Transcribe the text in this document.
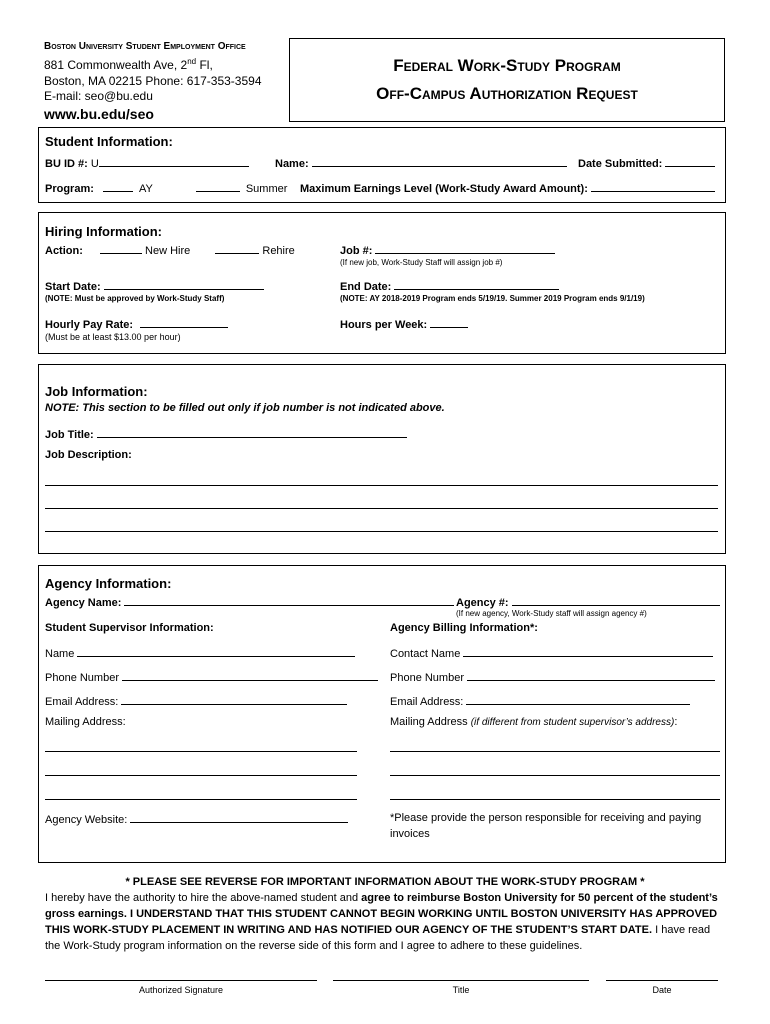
Boston University Student Employment Office
881 Commonwealth Ave, 2nd Fl,
Boston, MA 02215 Phone: 617-353-3594
E-mail: seo@bu.edu
www.bu.edu/seo
Federal Work-Study Program
Off-Campus Authorization Request
Student Information:
BU ID #: U	Name:	Date Submitted:
Program:	AY	Summer Maximum Earnings Level (Work-Study Award Amount):
Hiring Information:
Action:	New Hire	Rehire	Job #:
(If new job, Work-Study Staff will assign job #)
Start Date:
(NOTE: Must be approved by Work-Study Staff)
End Date:
(NOTE: AY 2018-2019 Program ends 5/19/19. Summer 2019 Program ends 9/1/19)
Hourly Pay Rate:
(Must be at least $13.00 per hour)
Hours per Week:
Job Information:
NOTE: This section to be filled out only if job number is not indicated above.
Job Title:
Job Description:
Agency Information:
Agency Name:	Agency #:
(If new agency, Work-Study staff will assign agency #)
Student Supervisor Information:	Agency Billing Information*:
Name	Contact Name
Phone Number	Phone Number
Email Address:	Email Address:
Mailing Address:	Mailing Address (if different from student supervisor’s address):
Agency Website:	*Please provide the person responsible for receiving and paying invoices
* PLEASE SEE REVERSE FOR IMPORTANT INFORMATION ABOUT THE WORK-STUDY PROGRAM *
I hereby have the authority to hire the above-named student and agree to reimburse Boston University for 50 percent of the student’s gross earnings. I UNDERSTAND THAT THIS STUDENT CANNOT BEGIN WORKING UNTIL BOSTON UNIVERSITY HAS APPROVED THIS WORK-STUDY PLACEMENT IN WRITING AND HAS NOTIFIED OUR AGENCY OF THE STUDENT’S START DATE. I have read the Work-Study program information on the reverse side of this form and I agree to adhere to these guidelines.
Authorized Signature	Title	Date
